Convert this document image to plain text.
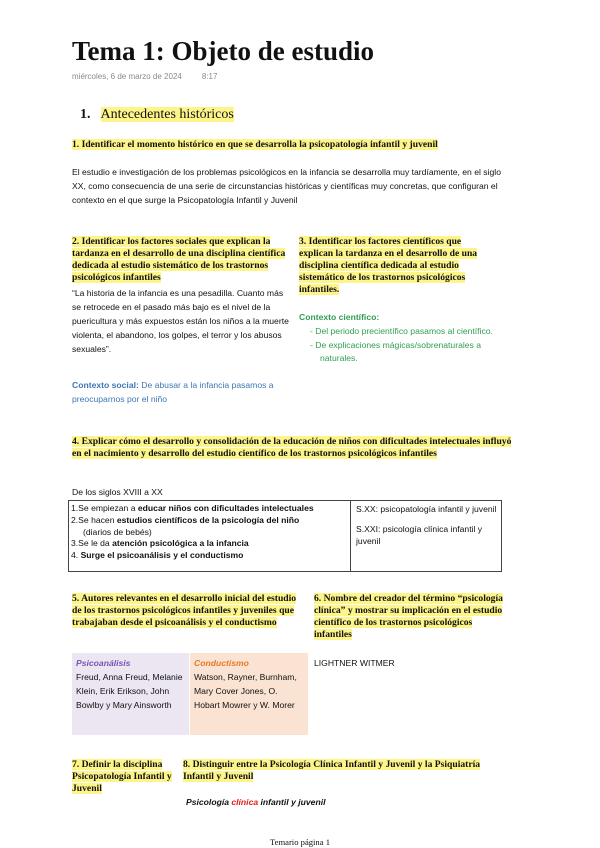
Tema 1: Objeto de estudio
miércoles, 6 de marzo de 2024	8:17
1. Antecedentes históricos
1. Identificar el momento histórico en que se desarrolla la psicopatología infantil y juvenil
El estudio e investigación de los problemas psicológicos en la infancia se desarrolla muy tardíamente, en el siglo XX, como consecuencia de una serie de circunstancias históricas y científicas muy concretas, que configuran el contexto en el que surge la Psicopatología Infantil y Juvenil
2. Identificar los factores sociales que explican la tardanza en el desarrollo de una disciplina científica dedicada al estudio sistemático de los trastornos psicológicos infantiles
3. Identificar los factores científicos que explican la tardanza en el desarrollo de una disciplina científica dedicada al estudio sistemático de los trastornos psicológicos infantiles.
“La historia de la infancia es una pesadilla. Cuanto más se retrocede en el pasado más bajo es el nivel de la puericultura y más expuestos están los niños a la muerte violenta, el abandono, los golpes, el terror y los abusos sexuales”.
Contexto social: De abusar a la infancia pasamos a preocuparnos por el niño
Contexto científico:
- Del periodo precientífico pasamos al científico.
- De explicaciones mágicas/sobrenaturales a naturales.
4. Explicar cómo el desarrollo y consolidación de la educación de niños con dificultades intelectuales influyó en el nacimiento y desarrollo del estudio científico de los trastornos psicológicos infantiles
De los siglos XVIII a XX
1.Se empiezan a educar niños con dificultades intelectuales
2.Se hacen estudios científicos de la psicología del niño
(diarios de bebés)
3.Se le da atención psicológica a la infancia
4. Surge el psicoanálisis y el conductismo
S.XX: psicopatología infantil y juvenil
S.XXI: psicología clínica infantil y juvenil
5. Autores relevantes en el desarrollo inicial del estudio de los trastornos psicológicos infantiles y juveniles que trabajaban desde el psicoanálisis y el conductismo
6. Nombre del creador del término “psicología clínica” y mostrar su implicación en el estudio científico de los trastornos psicológicos infantiles
Psicoanálisis
Freud, Anna Freud, Melanie Klein, Erik Erikson, John Bowlby y Mary Ainsworth
Conductismo
Watson, Rayner, Burnham, Mary Cover Jones, O. Hobart Mowrer y W. Morer
LIGHTNER WITMER
7. Definir la disciplina Psicopatología Infantil y Juvenil
8. Distinguir entre la Psicología Clínica Infantil y Juvenil y la Psiquiatría Infantil y Juvenil
Psicología clínica infantil y juvenil
Temario página 1
